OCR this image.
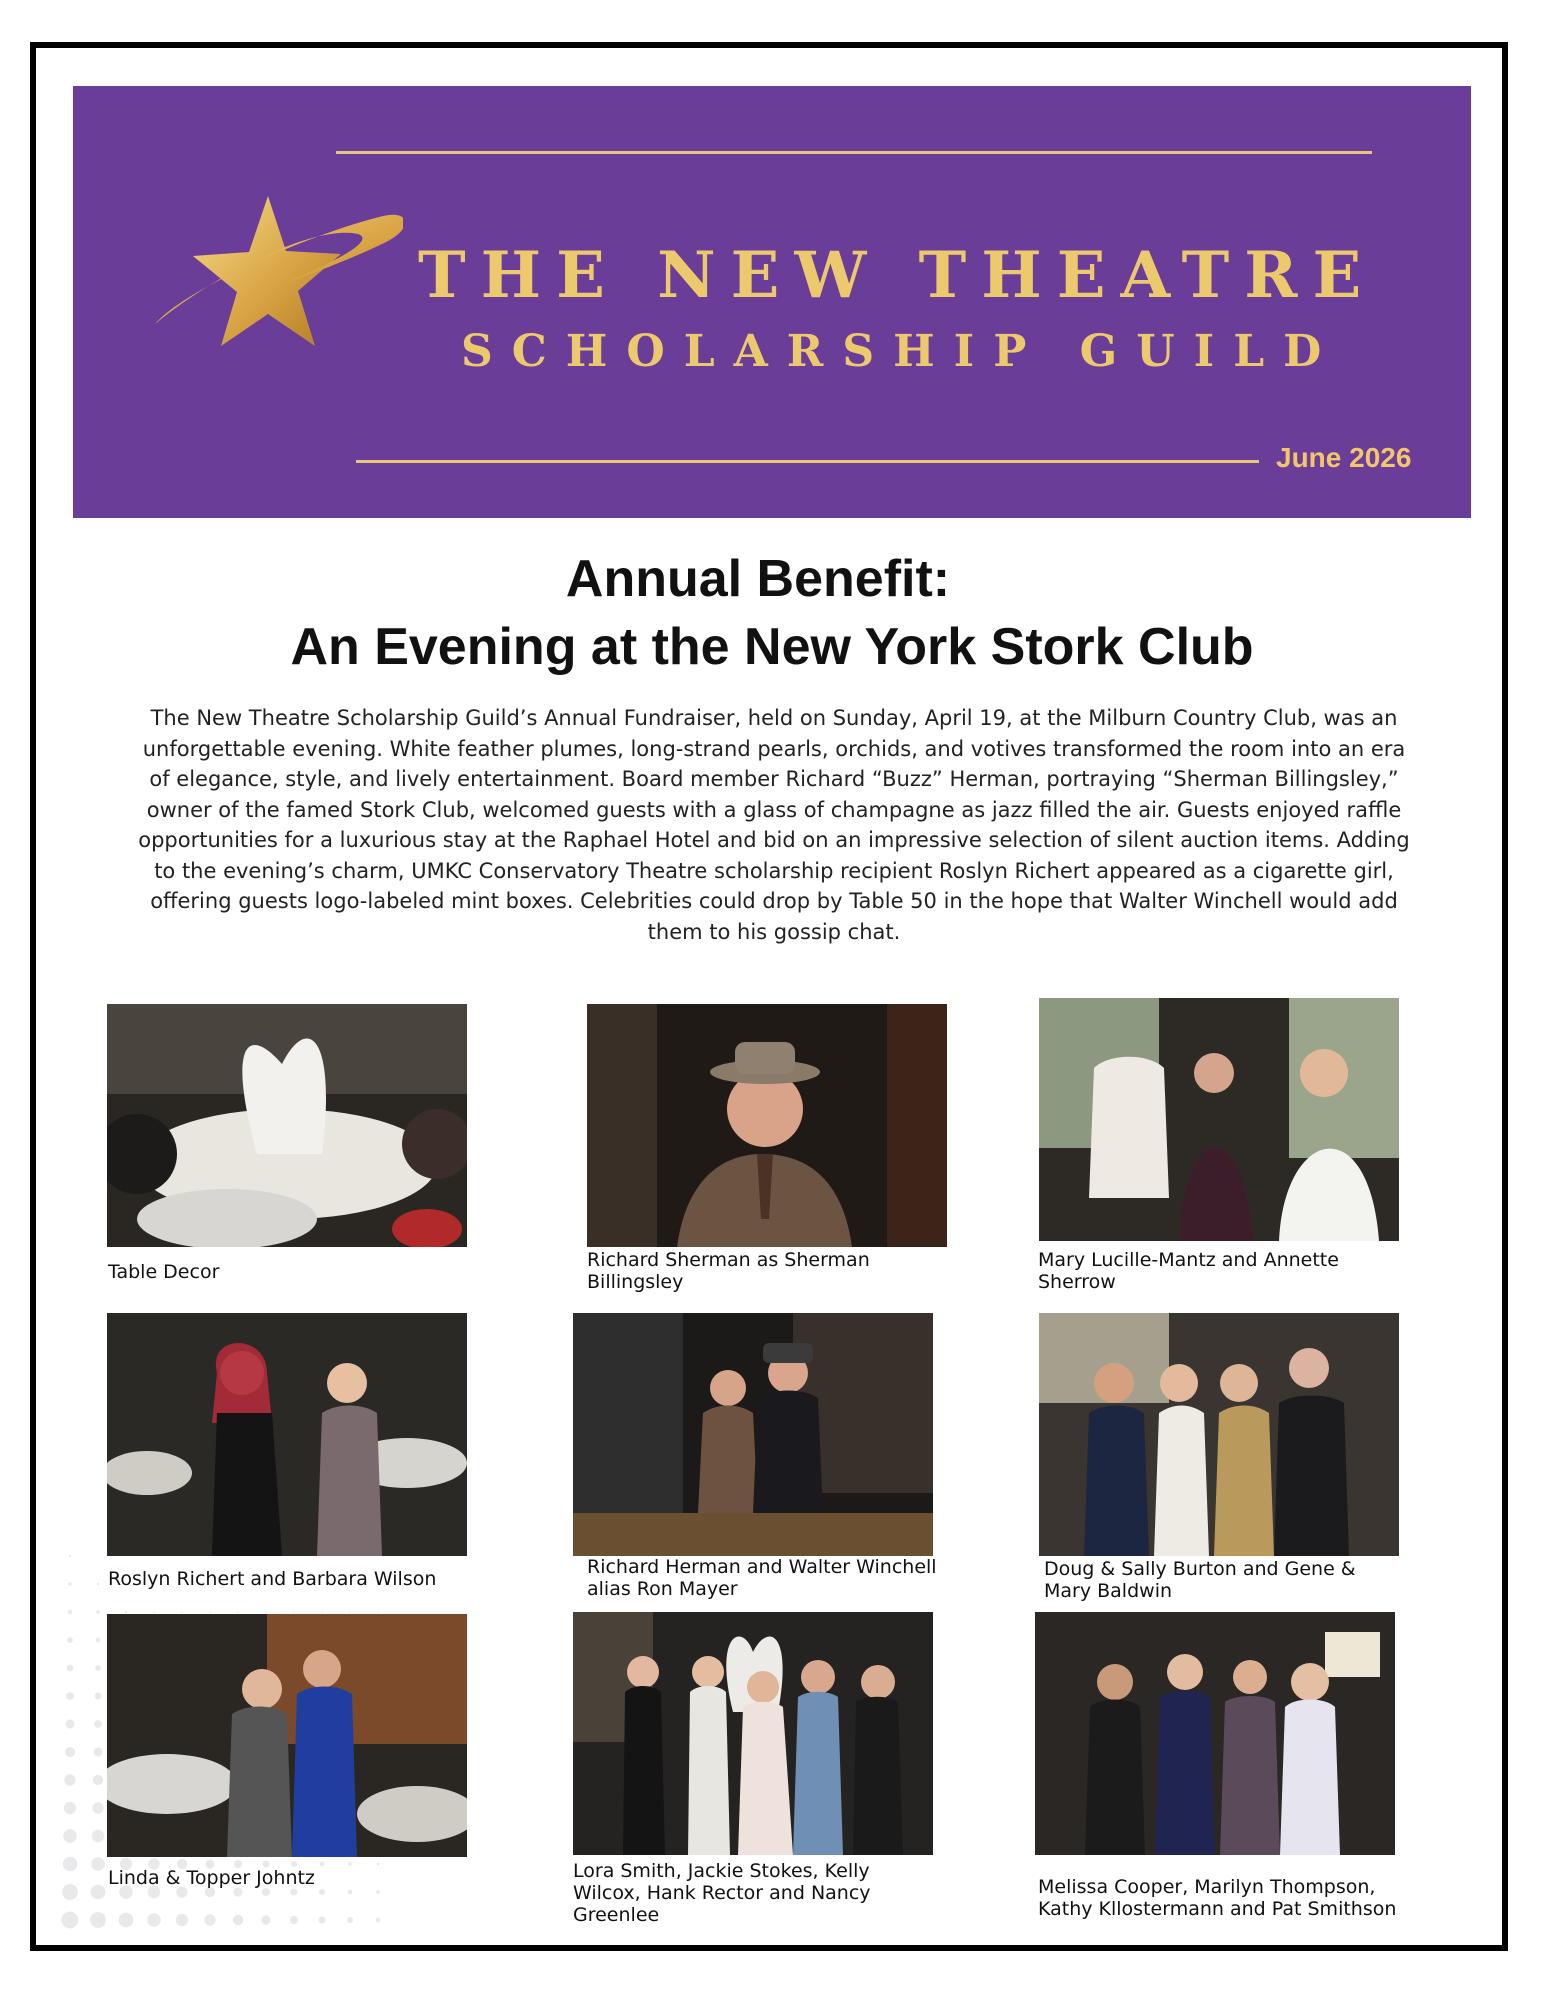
THE NEW THEATRE
SCHOLARSHIP GUILD
June 2026
Annual Benefit:
An Evening at the New York Stork Club
The New Theatre Scholarship Guild’s Annual Fundraiser, held on Sunday, April 19, at the Milburn Country Club, was an unforgettable evening. White feather plumes, long-strand pearls, orchids, and votives transformed the room into an era of elegance, style, and lively entertainment. Board member Richard “Buzz” Herman, portraying “Sherman Billingsley,” owner of the famed Stork Club, welcomed guests with a glass of champagne as jazz filled the air. Guests enjoyed raffle opportunities for a luxurious stay at the Raphael Hotel and bid on an impressive selection of silent auction items. Adding to the evening’s charm, UMKC Conservatory Theatre scholarship recipient Roslyn Richert appeared as a cigarette girl, offering guests logo-labeled mint boxes. Celebrities could drop by Table 50 in the hope that Walter Winchell would add them to his gossip chat.
Table Decor
Richard Sherman as Sherman Billingsley
Mary Lucille-Mantz and Annette Sherrow
Roslyn Richert and Barbara Wilson
Richard Herman and Walter Winchell alias Ron Mayer
Doug & Sally Burton and Gene & Mary Baldwin
Linda & Topper Johntz	Lora Smith, Jackie Stokes, Kelly Wilcox, Hank Rector and Nancy Greenlee
Melissa Cooper, Marilyn Thompson, Kathy Kllostermann and Pat Smithson
